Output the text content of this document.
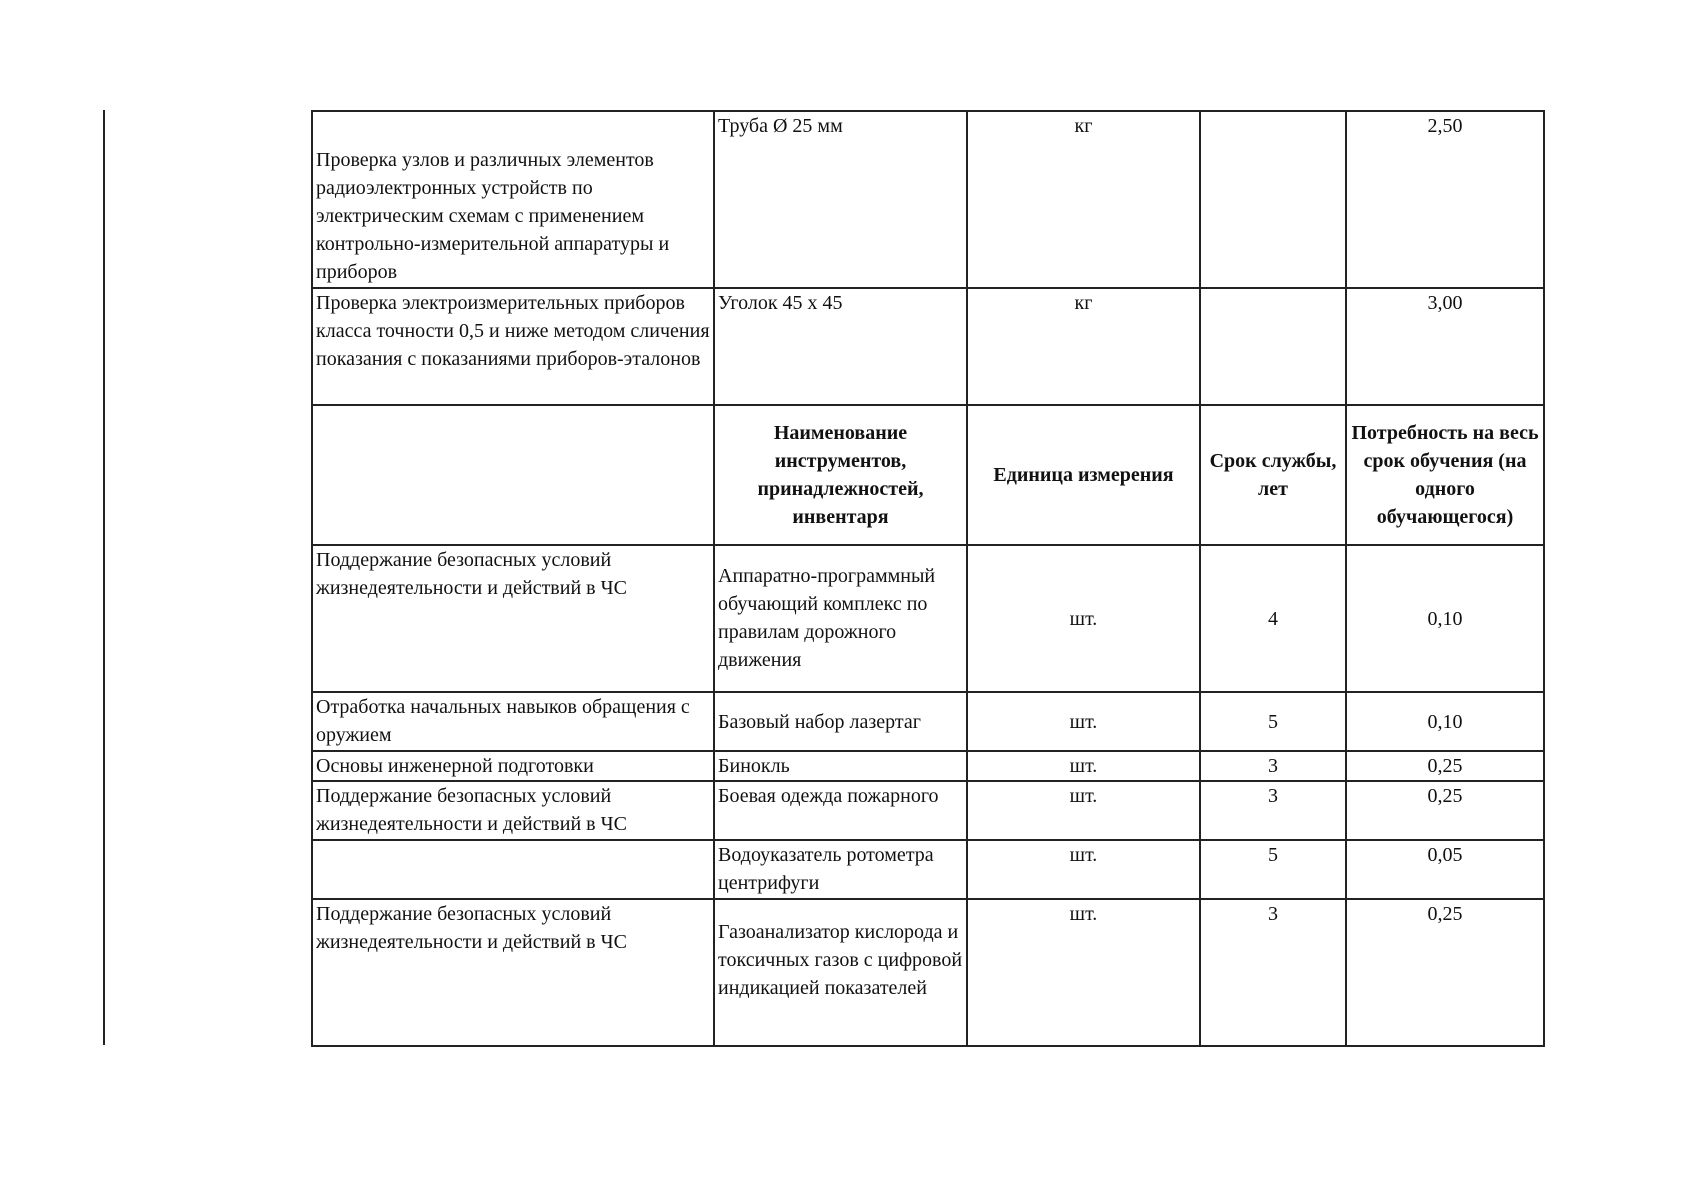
Проверка узлов и различных элементов радиоэлектронных устройств по электрическим схемам с применением контрольно-измерительной аппаратуры и приборов	Труба Ø 25 мм	кг		2,50
Проверка электроизмерительных приборов класса точности 0,5 и ниже методом сличения показания с показаниями приборов-эталонов	Уголок 45 х 45	кг		3,00
	Наименование инструментов, принадлежностей, инвентаря	Единица измерения	Срок службы, лет	Потребность на весь срок обучения (на одного обучающегося)
Поддержание безопасных условий жизнедеятельности и действий в ЧС	Аппаратно-программный обучающий комплекс по правилам дорожного движения	шт.	4	0,10
Отработка начальных навыков обращения с оружием	Базовый набор лазертаг	шт.	5	0,10
Основы инженерной подготовки	Бинокль	шт.	3	0,25
Поддержание безопасных условий жизнедеятельности и действий в ЧС	Боевая одежда пожарного	шт.	3	0,25
	Водоуказатель ротометра центрифуги	шт.	5	0,05
Поддержание безопасных условий жизнедеятельности и действий в ЧС	Газоанализатор кислорода и токсичных газов с цифровой индикацией показателей	шт.	3	0,25
